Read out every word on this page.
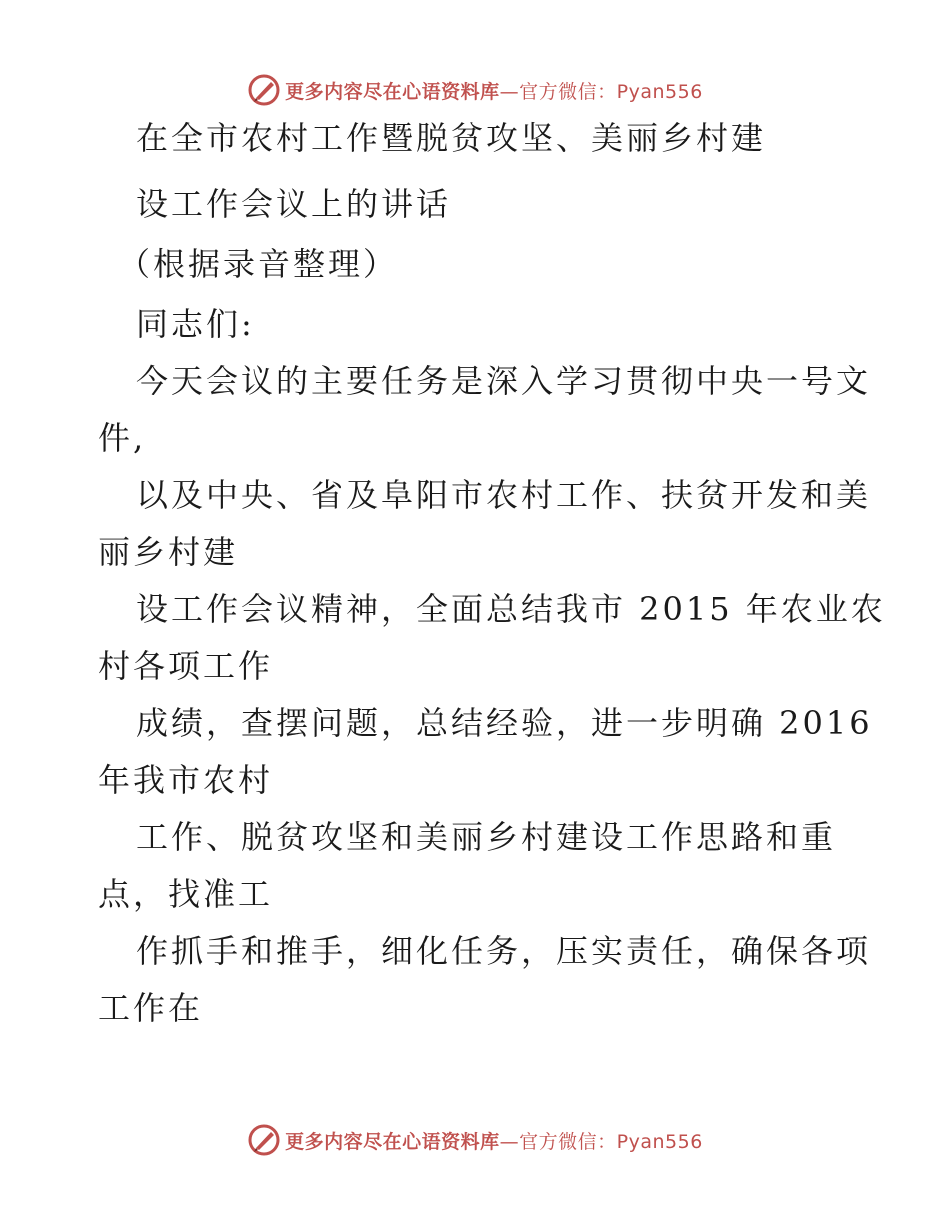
更多内容尽在心语资料库—官方微信：Pyan556
在全市农村工作暨脱贫攻坚、美丽乡村建
设工作会议上的讲话
（根据录音整理）
同志们:
今天会议的主要任务是深入学习贯彻中央一号文
件,
以及中央、省及阜阳市农村工作、扶贫开发和美
丽乡村建
设工作会议精神，全面总结我市 2015 年农业农
村各项工作
成绩，查摆问题，总结经验，进一步明确 2016
年我市农村
工作、脱贫攻坚和美丽乡村建设工作思路和重
点，找准工
作抓手和推手，细化任务，压实责任，确保各项
工作在
更多内容尽在心语资料库—官方微信：Pyan556
